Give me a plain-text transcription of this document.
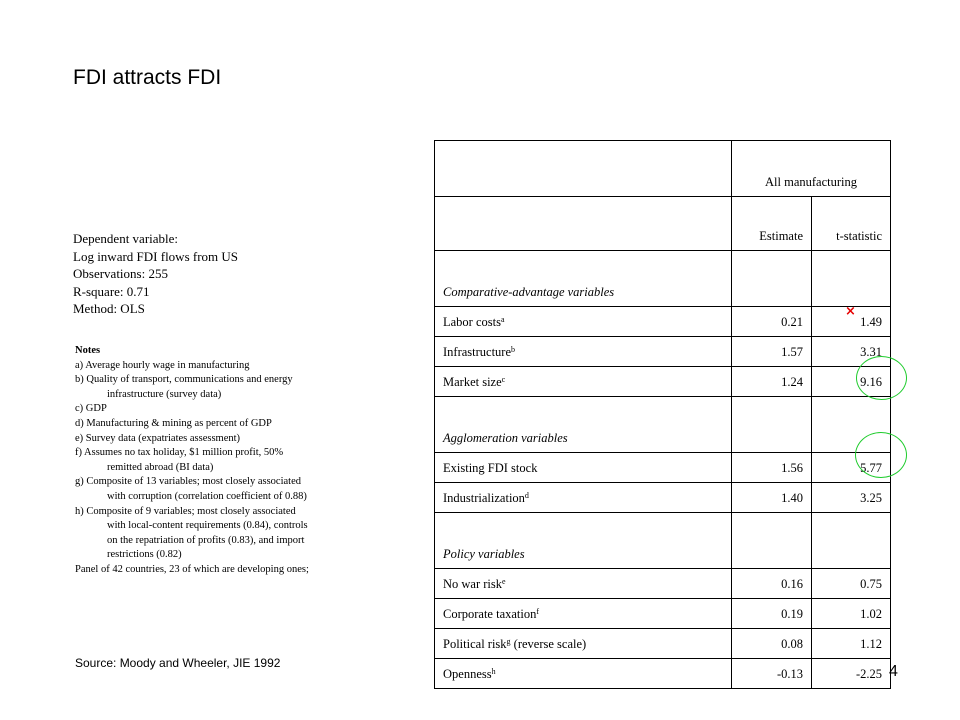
FDI attracts FDI
Dependent variable:
Log inward FDI flows from US
Observations: 255
R-square: 0.71
Method: OLS
Notes
a) Average hourly wage in manufacturing
b) Quality of transport, communications and energy
infrastructure (survey data)
c) GDP
d) Manufacturing & mining as percent of GDP
e) Survey data (expatriates assessment)
f) Assumes no tax holiday, $1 million profit, 50%
remitted abroad (BI data)
g) Composite of 13 variables; most closely associated
with corruption (correlation coefficient of 0.88)
h) Composite of 9 variables; most closely associated
with local-content requirements (0.84), controls
on the repatriation of profits (0.83), and import
restrictions (0.82)
Panel of 42 countries, 23 of which are developing ones;
	All manufacturing	
	Estimate	t-statistic
Comparative-advantage variables		
Labor costs$^a$	0.21	1.49
Infrastructure$^b$	1.57	3.31
Market size$^c$	1.24	9.16
Agglomeration variables		
Existing FDI stock	1.56	5.77
Industrialization$^d$	1.40	3.25
Policy variables		
No war risk$^e$	0.16	0.75
Corporate taxation$^f$	0.19	1.02
Political risk$^g$ (reverse scale)	0.08	1.12
Openness$^h$	-0.13	-2.25
×
Source: Moody and Wheeler, JIE 1992	4
